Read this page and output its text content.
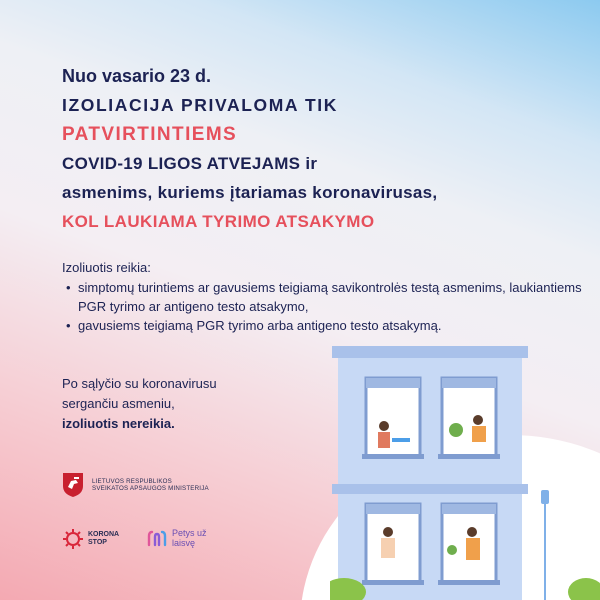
Nuo vasario 23 d.
IZOLIACIJA PRIVALOMA TIK
PATVIRTINTIEMS
COVID-19 LIGOS ATVEJAMS ir
asmenims, kuriems įtariamas koronavirusas,
KOL LAUKIAMA TYRIMO ATSAKYMO

Izoliuotis reikia:

• simptomų turintiems ar gavusiems teigiamą savikontrolės testą asmenims, laukiantiems PGR tyrimo ar antigeno testo atsakymo,
• gavusiems teigiamą PGR tyrimo arba antigeno testo atsakymą.

Po sąlyčio su koronavirusu

sergančiu asmeniu,

izoliuotis nereikia.

LIETUVOS RESPUBLIKOS
SVEIKATOS APSAUGOS MINISTERIJA
KORONA
STOP
Petys už
laisvę
